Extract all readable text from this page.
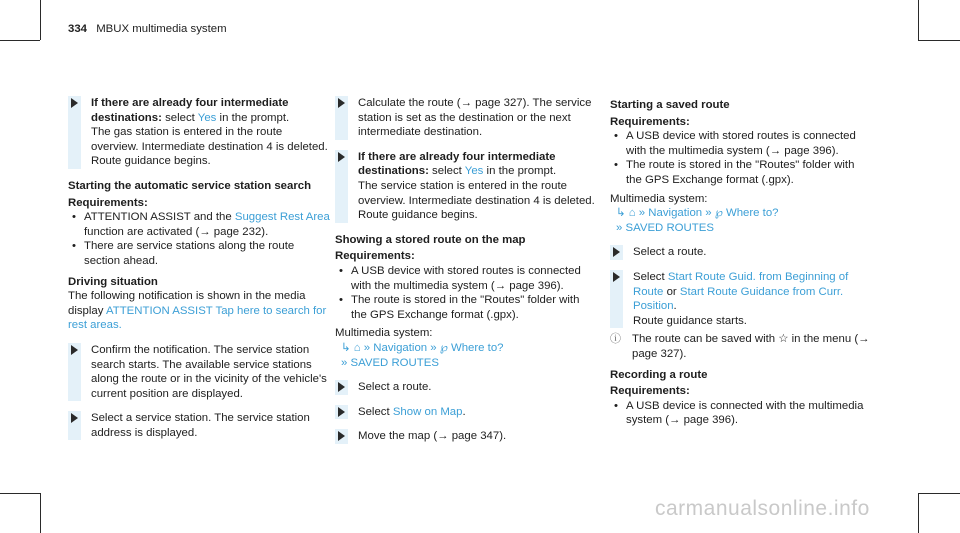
334 MBUX multimedia system
If there are already four intermediate destinations: select Yes in the prompt.
The gas station is entered in the route overview. Intermediate destination 4 is deleted. Route guidance begins.
Starting the automatic service station search
Requirements:
• ATTENTION ASSIST and the Suggest Rest Area function are activated (→ page 232).
• There are service stations along the route section ahead.
Driving situation
The following notification is shown in the media display ATTENTION ASSIST Tap here to search for rest areas.
Confirm the notification. The service station search starts. The available service stations along the route or in the vicinity of the vehicle's current position are displayed.
Select a service station. The service station address is displayed.
Calculate the route (→ page 327). The service station is set as the destination or the next intermediate destination.
If there are already four intermediate destinations: select Yes in the prompt.
The service station is entered in the route overview. Intermediate destination 4 is deleted. Route guidance begins.
Showing a stored route on the map
Requirements:
• A USB device with stored routes is connected with the multimedia system (→ page 396).
• The route is stored in the "Routes" folder with the GPS Exchange format (.gpx).
Multimedia system:
↳ ⌂ » Navigation » ℘ Where to?
» SAVED ROUTES
Select a route.
Select Show on Map.
Move the map (→ page 347).
Starting a saved route
Requirements:
• A USB device with stored routes is connected with the multimedia system (→ page 396).
• The route is stored in the "Routes" folder with the GPS Exchange format (.gpx).
Multimedia system:
↳ ⌂ » Navigation » ℘ Where to?
» SAVED ROUTES
Select a route.
Select Start Route Guid. from Beginning of Route or Start Route Guidance from Curr. Position.
Route guidance starts.
ⓘ The route can be saved with ☆ in the menu (→ page 327).
Recording a route
Requirements:
• A USB device is connected with the multimedia system (→ page 396).
carmanualsonline.info
